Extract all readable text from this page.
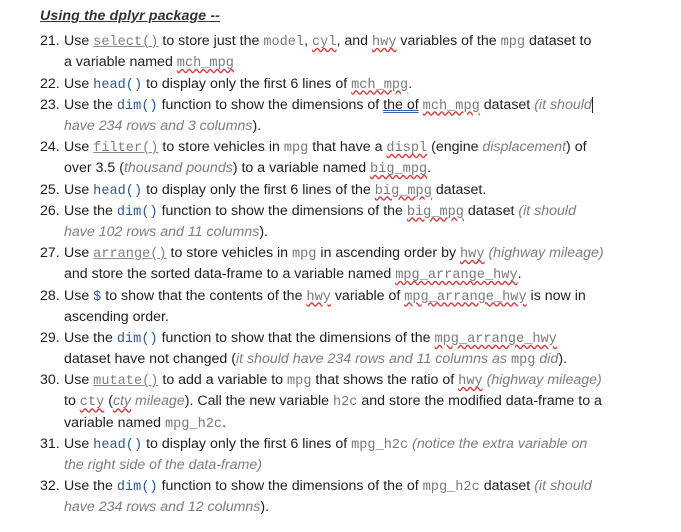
Using the dplyr package --
21. Use select() to store just the model, cyl, and hwy variables of the mpg dataset to
a variable named mch_mpg
22. Use head() to display only the first 6 lines of mch_mpg.
23. Use the dim() function to show the dimensions of the of mch_mpg dataset (it should
have 234 rows and 3 columns).
24. Use filter() to store vehicles in mpg that have a displ (engine displacement) of
over 3.5 (thousand pounds) to a variable named big_mpg.
25. Use head() to display only the first 6 lines of the big_mpg dataset.
26. Use the dim() function to show the dimensions of the big_mpg dataset (it should
have 102 rows and 11 columns).
27. Use arrange() to store vehicles in mpg in ascending order by hwy (highway mileage)
and store the sorted data-frame to a variable named mpg_arrange_hwy.
28. Use $ to show that the contents of the hwy variable of mpg_arrange_hwy is now in
ascending order.
29. Use the dim() function to show that the dimensions of the mpg_arrange_hwy
dataset have not changed (it should have 234 rows and 11 columns as mpg did).
30. Use mutate() to add a variable to mpg that shows the ratio of hwy (highway mileage)
to cty (cty mileage). Call the new variable h2c and store the modified data-frame to a
variable named mpg_h2c.
31. Use head() to display only the first 6 lines of mpg_h2c (notice the extra variable on
the right side of the data-frame)
32. Use the dim() function to show the dimensions of the of mpg_h2c dataset (it should
have 234 rows and 12 columns).
